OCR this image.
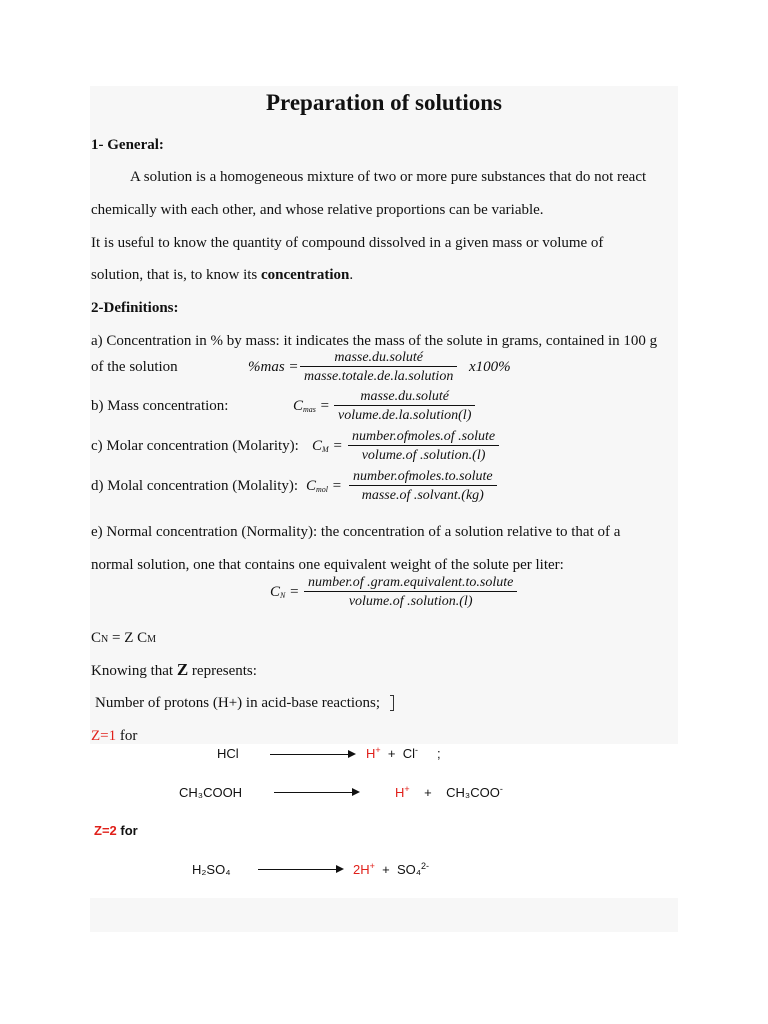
Preparation of solutions
1- General:
A solution is a homogeneous mixture of two or more pure substances that do not react
chemically with each other, and whose relative proportions can be variable.
It is useful to know the quantity of compound dissolved in a given mass or volume of
solution, that is, to know its concentration.
2-Definitions:
a) Concentration in % by mass: it indicates the mass of the solute in grams, contained in 100 g
of the solution	%mas =
masse.du.soluté
masse.totale.de.la.solution
x100%
b) Mass concentration:	$C_{mas}$ =
masse.du.soluté
volume.de.la.solution(l)
c) Molar concentration (Molarity): $C_M$ =
number.ofmoles.of .solute
volume.of .solution.(l)
d) Molal concentration (Molality): $C_{mol}$ =
number.ofmoles.to.solute
masse.of .solvant.(kg)
e) Normal concentration (Normality): the concentration of a solution relative to that of a
normal solution, one that contains one equivalent weight of the solute per liter:
$C_N$ =
number.of .gram.equivalent.to.solute
volume.of .solution.(l)
CN = Z CM
Knowing that Z represents:
Number of protons (H+) in acid-base reactions;
Z=1 for
HCl	H+ + Cl- ;
CH₃COOH	H+ + CH₃COO-
Z=2 for
H₂SO₄	2H+ + SO₄$^{2-}$
